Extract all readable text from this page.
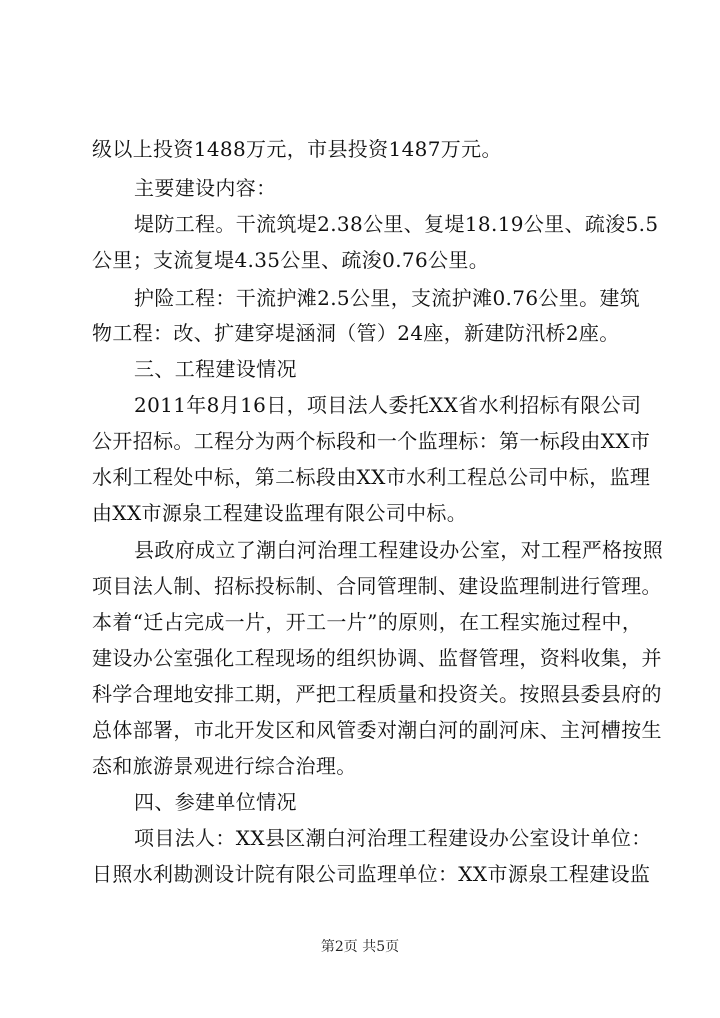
级以上投资1488万元，市县投资1487万元。
主要建设内容：
堤防工程。干流筑堤2.38公里、复堤18.19公里、疏浚5.5
公里；支流复堤4.35公里、疏浚0.76公里。
护险工程：干流护滩2.5公里，支流护滩0.76公里。建筑
物工程：改、扩建穿堤涵洞（管）24座，新建防汛桥2座。
三、工程建设情况
2011年8月16日，项目法人委托XX省水利招标有限公司
公开招标。工程分为两个标段和一个监理标：第一标段由XX市
水利工程处中标，第二标段由XX市水利工程总公司中标，监理
由XX市源泉工程建设监理有限公司中标。
县政府成立了潮白河治理工程建设办公室，对工程严格按照
项目法人制、招标投标制、合同管理制、建设监理制进行管理。
本着“迁占完成一片，开工一片”的原则，在工程实施过程中，
建设办公室强化工程现场的组织协调、监督管理，资料收集，并
科学合理地安排工期，严把工程质量和投资关。按照县委县府的
总体部署，市北开发区和风管委对潮白河的副河床、主河槽按生
态和旅游景观进行综合治理。
四、参建单位情况
项目法人：XX县区潮白河治理工程建设办公室设计单位：
日照水利勘测设计院有限公司监理单位：XX市源泉工程建设监
第2页 共5页
